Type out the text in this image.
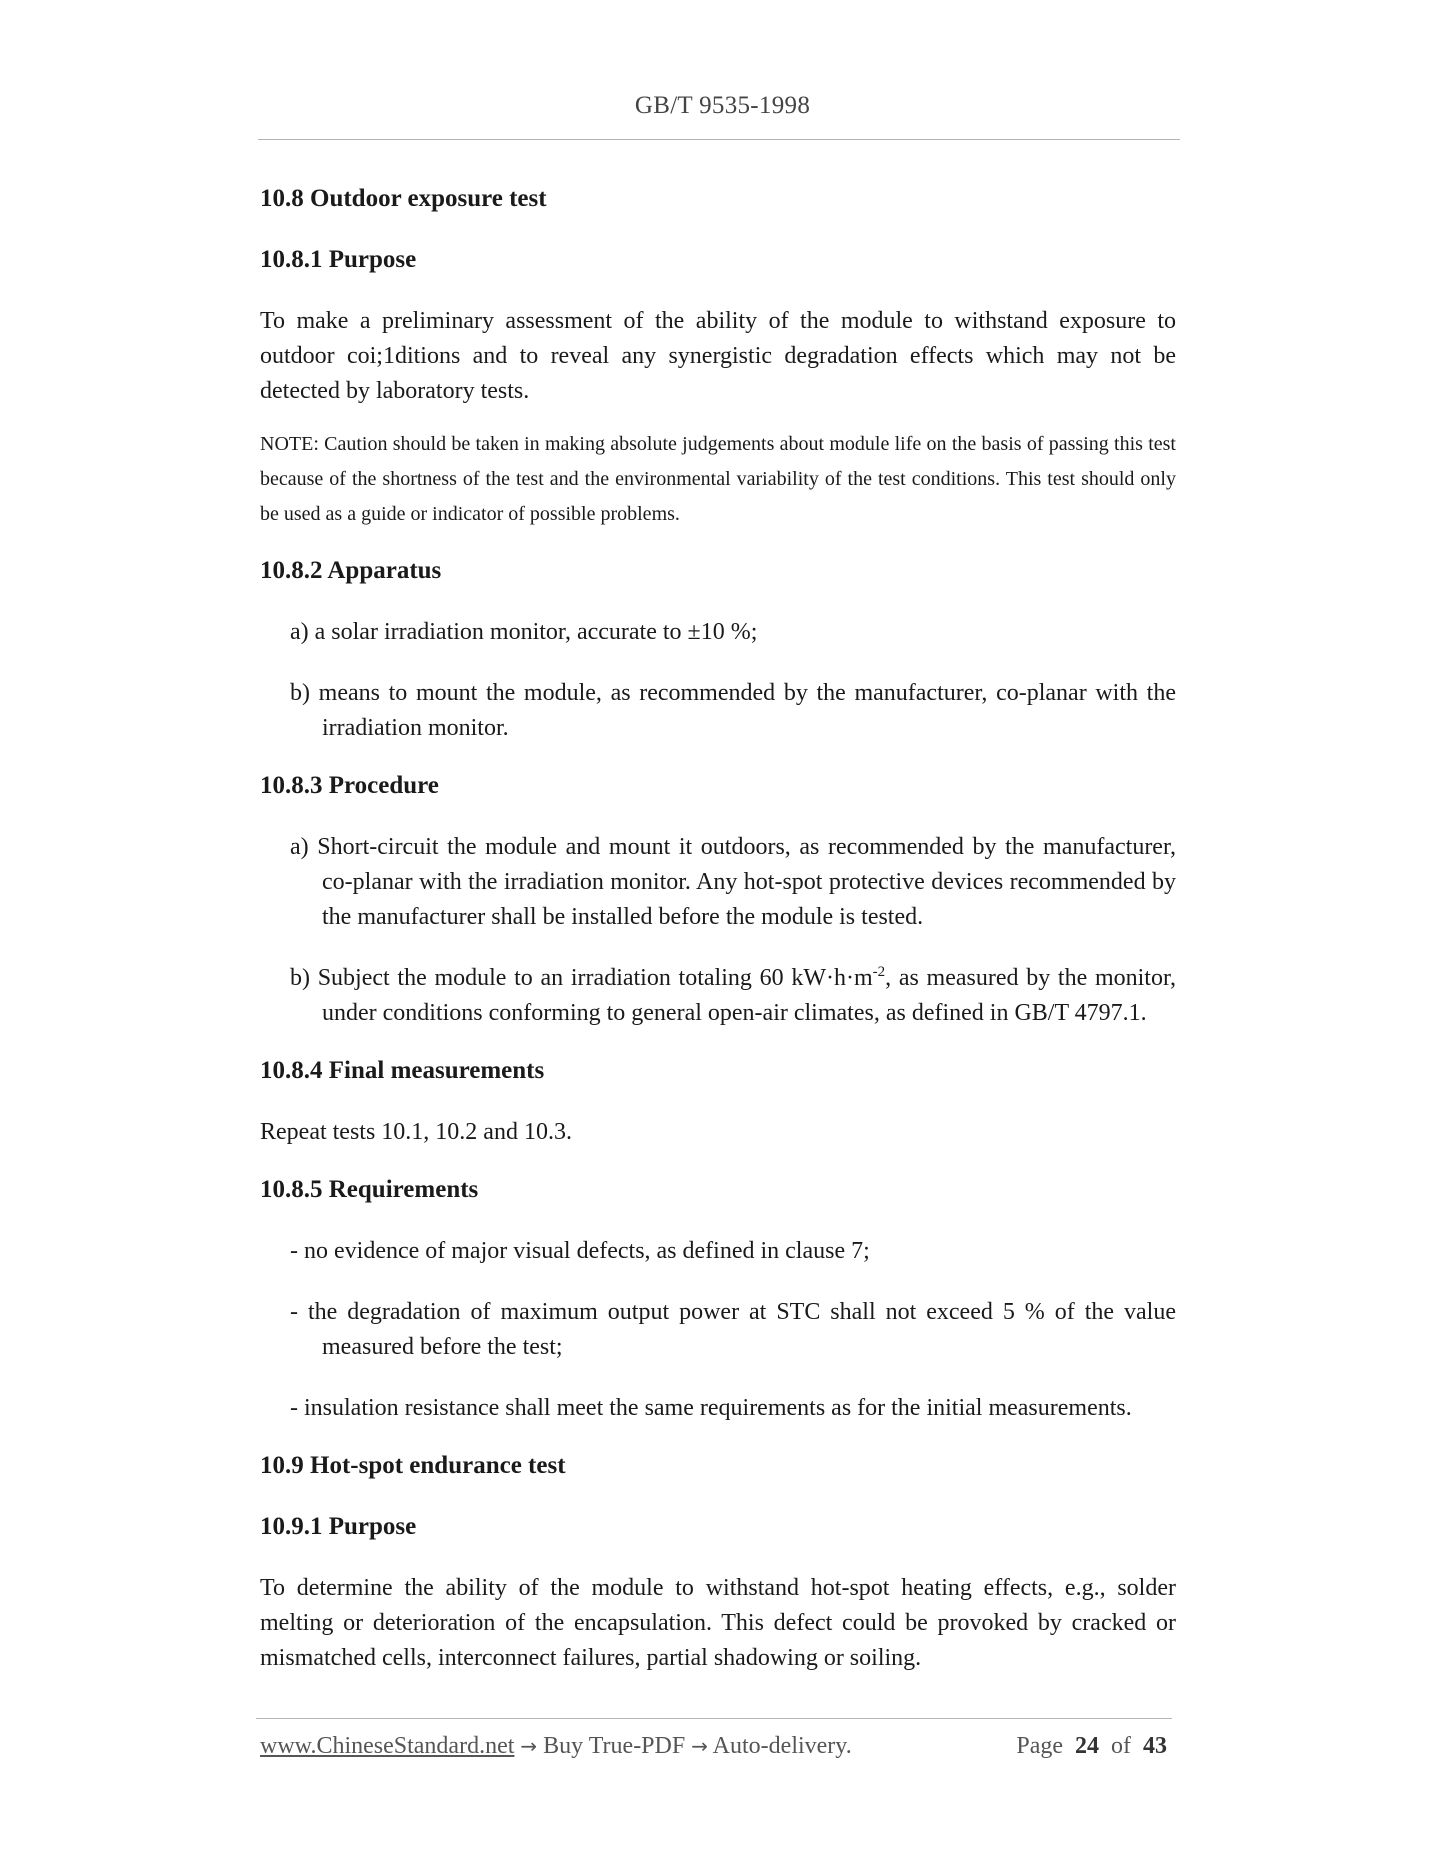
GB/T 9535-1998

10.8 Outdoor exposure test

10.8.1 Purpose

To make a preliminary assessment of the ability of the module to withstand exposure to outdoor coi;1ditions and to reveal any synergistic degradation effects which may not be detected by laboratory tests.

NOTE: Caution should be taken in making absolute judgements about module life on the basis of passing this test because of the shortness of the test and the environmental variability of the test conditions. This test should only be used as a guide or indicator of possible problems.

10.8.2 Apparatus

a) a solar irradiation monitor, accurate to ±10 %;

b) means to mount the module, as recommended by the manufacturer, co-planar with the irradiation monitor.

10.8.3 Procedure

a) Short-circuit the module and mount it outdoors, as recommended by the manufacturer, co-planar with the irradiation monitor. Any hot-spot protective devices recommended by the manufacturer shall be installed before the module is tested.

b) Subject the module to an irradiation totaling 60 $kW\cdot h\cdot m^{-2}$, as measured by the monitor, under conditions conforming to general open-air climates, as defined in GB/T 4797.1.

10.8.4 Final measurements

Repeat tests 10.1, 10.2 and 10.3.

10.8.5 Requirements

- no evidence of major visual defects, as defined in clause 7;

- the degradation of maximum output power at STC shall not exceed 5 % of the value measured before the test;

- insulation resistance shall meet the same requirements as for the initial measurements.

10.9 Hot-spot endurance test

10.9.1 Purpose

To determine the ability of the module to withstand hot-spot heating effects, e.g., solder melting or deterioration of the encapsulation. This defect could be provoked by cracked or mismatched cells, interconnect failures, partial shadowing or soiling.

www.ChineseStandard.net → Buy True-PDF → Auto-delivery.	Page 24 of 43
